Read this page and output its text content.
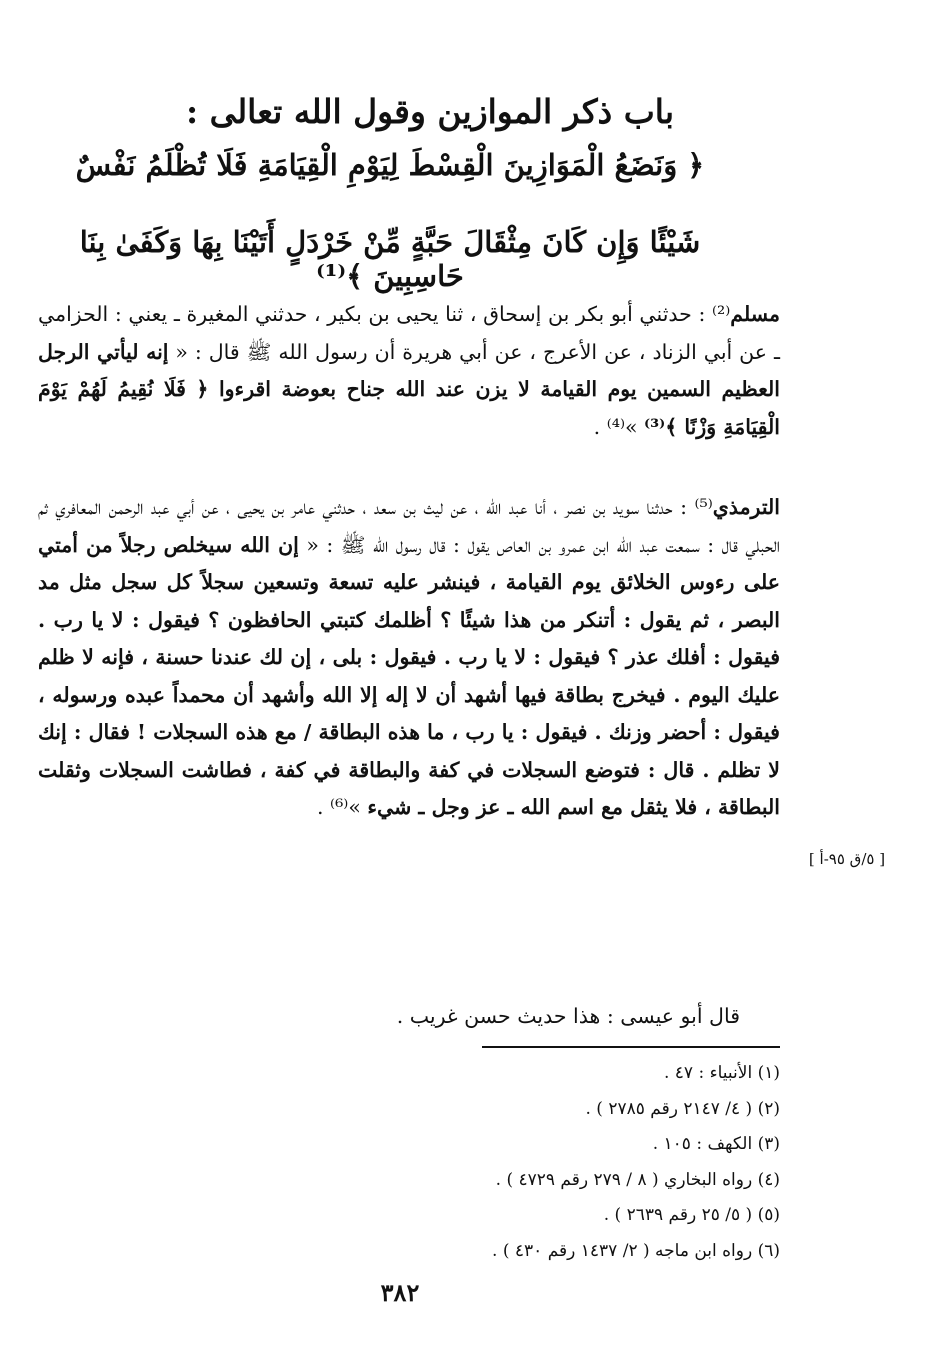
باب ذكر الموازين وقول الله تعالى :
﴿ وَنَضَعُ الْمَوَازِينَ الْقِسْطَ لِيَوْمِ الْقِيَامَةِ فَلَا تُظْلَمُ نَفْسٌ
شَيْئًا وَإِن كَانَ مِثْقَالَ حَبَّةٍ مِّنْ خَرْدَلٍ أَتَيْنَا بِهَا وَكَفَىٰ بِنَا حَاسِبِينَ ﴾⁽¹⁾
مسلم⁽²⁾ : حدثني أبو بكر بن إسحاق ، ثنا يحيى بن بكير ، حدثني المغيرة ـ يعني : الحزامي ـ عن أبي الزناد ، عن الأعرج ، عن أبي هريرة أن رسول الله ﷺ قال : « إنه ليأتي الرجل العظيم السمين يوم القيامة لا يزن عند الله جناح بعوضة اقرءوا ﴿ فَلَا نُقِيمُ لَهُمْ يَوْمَ الْقِيَامَةِ وَزْنًا ﴾⁽³⁾ »⁽⁴⁾ .
الترمذي⁽⁵⁾ : حدثنا سويد بن نصر ، أنا عبد الله ، عن ليث بن سعد ، حدثني عامر بن يحيى ، عن أبي عبد الرحمن المعافري ثم الحبلي قال : سمعت عبد الله ابن عمرو بن العاص يقول : قال رسول الله ﷺ : « إن الله سيخلص رجلاً من أمتي على رءوس الخلائق يوم القيامة ، فينشر عليه تسعة وتسعين سجلاً كل سجل مثل مد البصر ، ثم يقول : أتنكر من هذا شيئًا ؟ أظلمك كتبتي الحافظون ؟ فيقول : لا يا رب . فيقول : أفلك عذر ؟ فيقول : لا يا رب . فيقول : بلى ، إن لك عندنا حسنة ، فإنه لا ظلم عليك اليوم . فيخرج بطاقة فيها أشهد أن لا إله إلا الله وأشهد أن محمداً عبده ورسوله ، فيقول : أحضر وزنك . فيقول : يا رب ، ما هذه البطاقة / مع هذه السجلات ! فقال : إنك لا تظلم . قال : فتوضع السجلات في كفة والبطاقة في كفة ، فطاشت السجلات وثقلت البطاقة ، فلا يثقل مع اسم الله ـ عز وجل ـ شيء »⁽⁶⁾ .
[ ٥/ق ٩٥-أ ]
قال أبو عيسى : هذا حديث حسن غريب .
(١) الأنبياء : ٤٧ .
(٢) ( ٤/ ٢١٤٧ رقم ٢٧٨٥ ) .
(٣) الكهف : ١٠٥ .
(٤) رواه البخاري ( ٨ / ٢٧٩ رقم ٤٧٢٩ ) .
(٥) ( ٥/ ٢٥ رقم ٢٦٣٩ ) .
(٦) رواه ابن ماجه ( ٢/ ١٤٣٧ رقم ٤٣٠ ) .
٣٨٢
